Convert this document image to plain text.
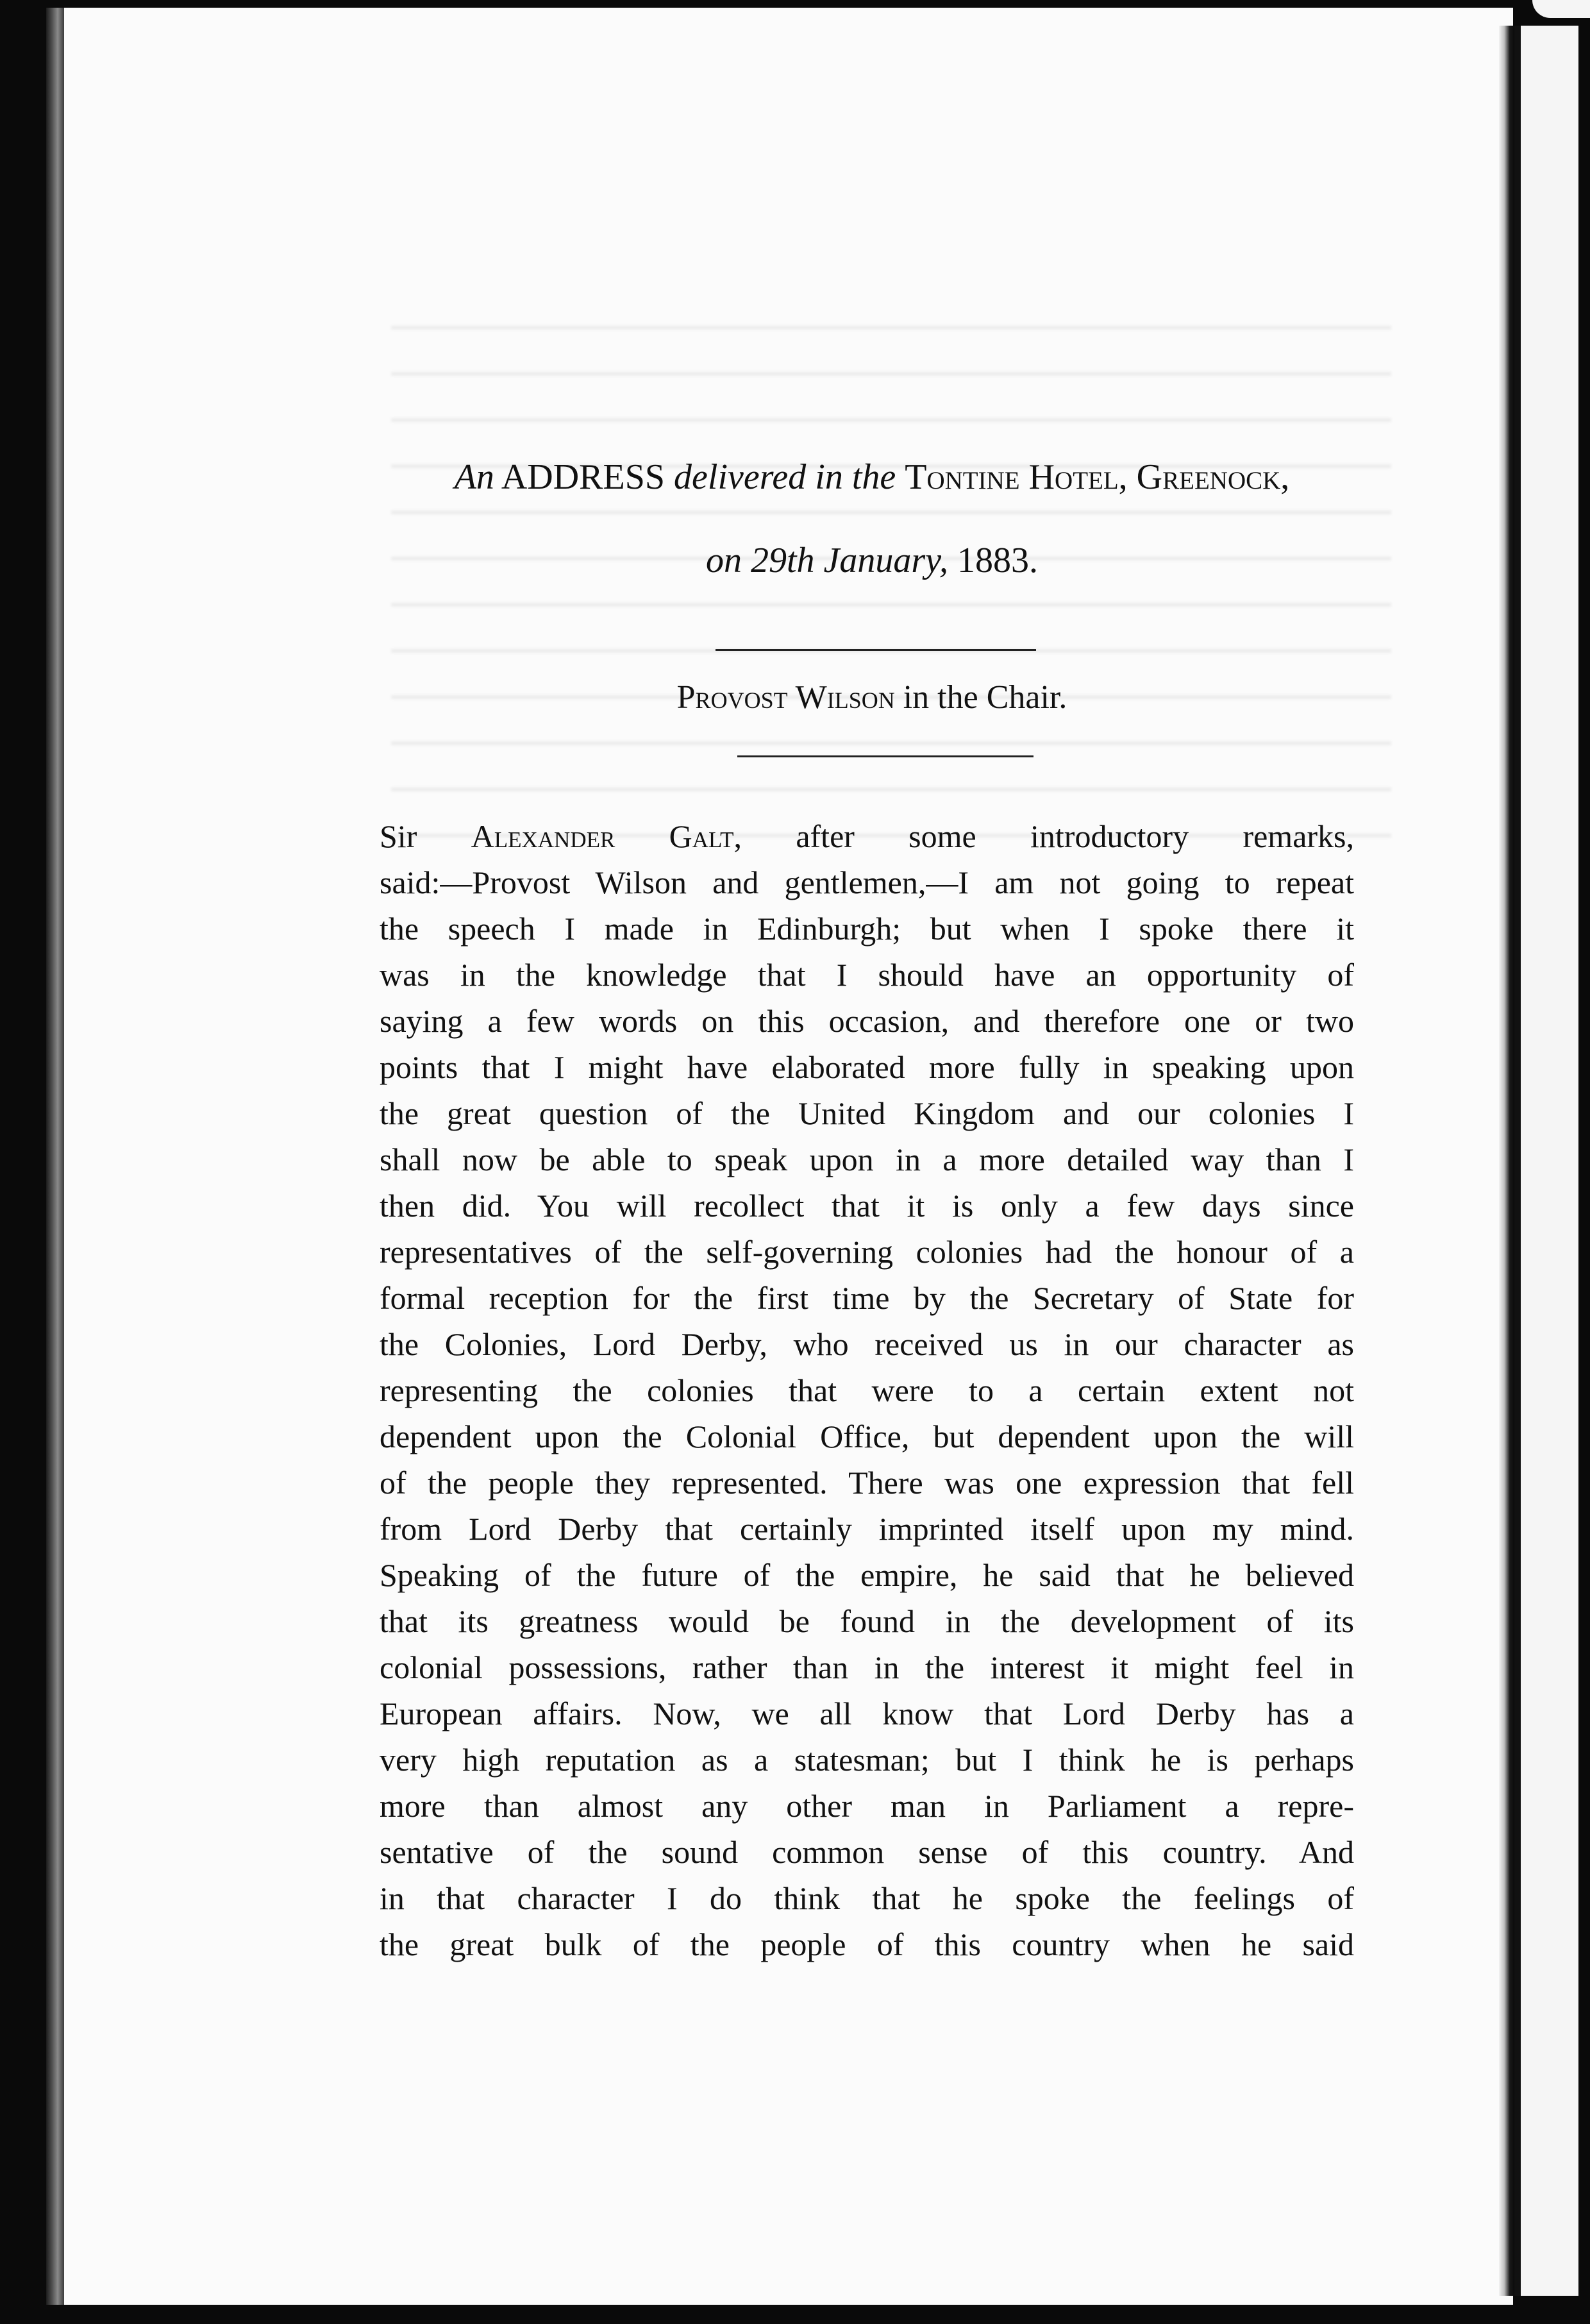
An ADDRESS delivered in the Tontine Hotel, Greenock,
on 29th January, 1883.
Provost Wilson in the Chair.
Sir Alexander Galt, after some introductory remarks,
said:—Provost Wilson and gentlemen,—I am not going to repeat
the speech I made in Edinburgh; but when I spoke there it
was in the knowledge that I should have an opportunity of
saying a few words on this occasion, and therefore one or two
points that I might have elaborated more fully in speaking upon
the great question of the United Kingdom and our colonies I
shall now be able to speak upon in a more detailed way than I
then did. You will recollect that it is only a few days since
representatives of the self-governing colonies had the honour of a
formal reception for the first time by the Secretary of State for
the Colonies, Lord Derby, who received us in our character as
representing the colonies that were to a certain extent not
dependent upon the Colonial Office, but dependent upon the will
of the people they represented. There was one expression that fell
from Lord Derby that certainly imprinted itself upon my mind.
Speaking of the future of the empire, he said that he believed
that its greatness would be found in the development of its
colonial possessions, rather than in the interest it might feel in
European affairs. Now, we all know that Lord Derby has a
very high reputation as a statesman; but I think he is perhaps
more than almost any other man in Parliament a repre-
sentative of the sound common sense of this country. And
in that character I do think that he spoke the feelings of
the great bulk of the people of this country when he said
